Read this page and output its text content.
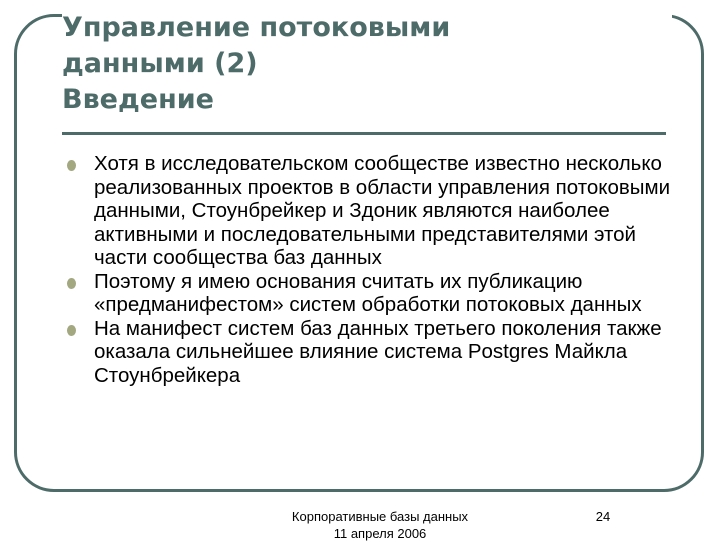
Управление потоковыми
данными (2)
Введение
Хотя в исследовательском сообществе известно несколько реализованных проектов в области управления потоковыми данными, Стоунбрейкер и Здоник являются наиболее активными и последовательными представителями этой части сообщества баз данных
Поэтому я имею основания считать их публикацию «предманифестом» систем обработки потоковых данных
На манифест систем баз данных третьего поколения также оказала сильнейшее влияние система Postgres Майкла Стоунбрейкера
Корпоративные базы данных
11 апреля 2006
24
